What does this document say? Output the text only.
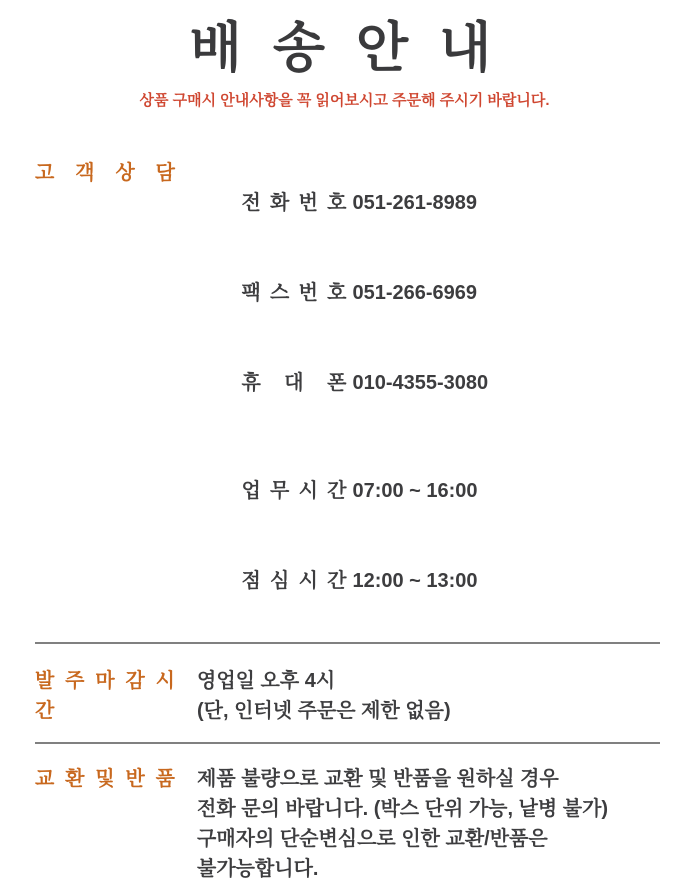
배 송 안 내
상품 구매시 안내사항을 꼭 읽어보시고 주문해 주시기 바랍니다.
고 객 상 담

전 화 번 호 051-261-8989

팩 스 번 호 051-266-6969

휴 대 폰 010-4355-3080

업 무 시 간 07:00 ~ 16:00

점 심 시 간 12:00 ~ 13:00

발 주 마 감 시 간
영업일 오후 4시
(단, 인터넷 주문은 제한 없음)
교 환 및 반 품 제품 불량으로 교환 및 반품을 원하실 경우
전화 문의 바랍니다. (박스 단위 가능, 낱병 불가)
구매자의 단순변심으로 인한 교환/반품은
불가능합니다.
